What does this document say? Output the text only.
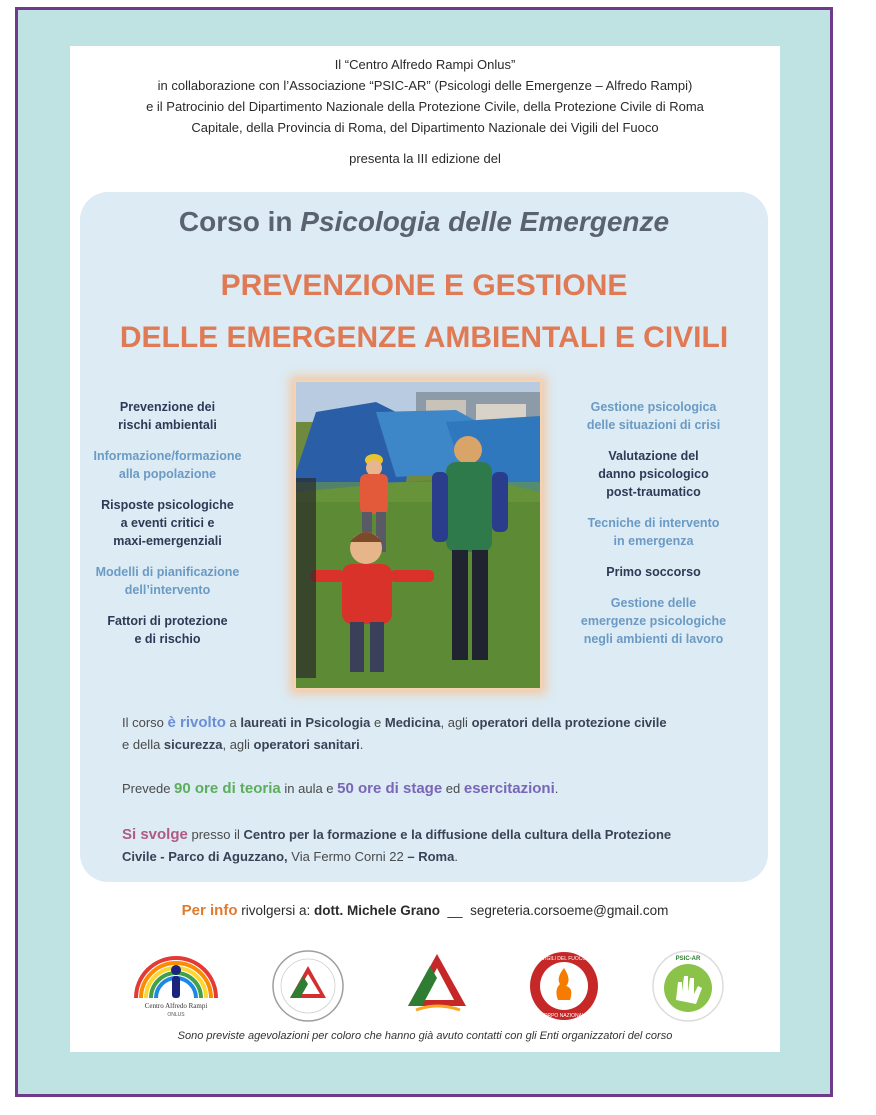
Il “Centro Alfredo Rampi Onlus”
in collaborazione con l’Associazione “PSIC-AR” (Psicologi delle Emergenze – Alfredo Rampi)
e il Patrocinio del Dipartimento Nazionale della Protezione Civile, della Protezione Civile di Roma
Capitale, della Provincia di Roma, del Dipartimento Nazionale dei Vigili del Fuoco
presenta la III edizione del
Corso in Psicologia delle Emergenze
PREVENZIONE E GESTIONE
DELLE EMERGENZE AMBIENTALI E CIVILI
Prevenzione dei
rischi ambientali
Informazione/formazione
alla popolazione
Risposte psicologiche
a eventi critici e
maxi-emergenziali
Modelli di pianificazione
dell’intervento
Fattori di protezione
e di rischio
Gestione psicologica
delle situazioni di crisi
Valutazione del
danno psicologico
post-traumatico
Tecniche di intervento
in emergenza
Primo soccorso
Gestione delle
emergenze psicologiche
negli ambienti di lavoro
Il corso è rivolto a laureati in Psicologia e Medicina, agli operatori della protezione civile
e della sicurezza, agli operatori sanitari.
Prevede 90 ore di teoria in aula e 50 ore di stage ed esercitazioni.
Si svolge presso il Centro per la formazione e la diffusione della cultura della Protezione
Civile - Parco di Aguzzano, Via Fermo Corni 22 – Roma.
Per info rivolgersi a: dott. Michele Grano  __  segreteria.corsoeme@gmail.com
Centro Alfredo Rampi
ONLUS
VIGILI DEL FUOCO
CORPO NAZIONALE
PSIC-AR
Sono previste agevolazioni per coloro che hanno già avuto contatti con gli Enti organizzatori del corso
